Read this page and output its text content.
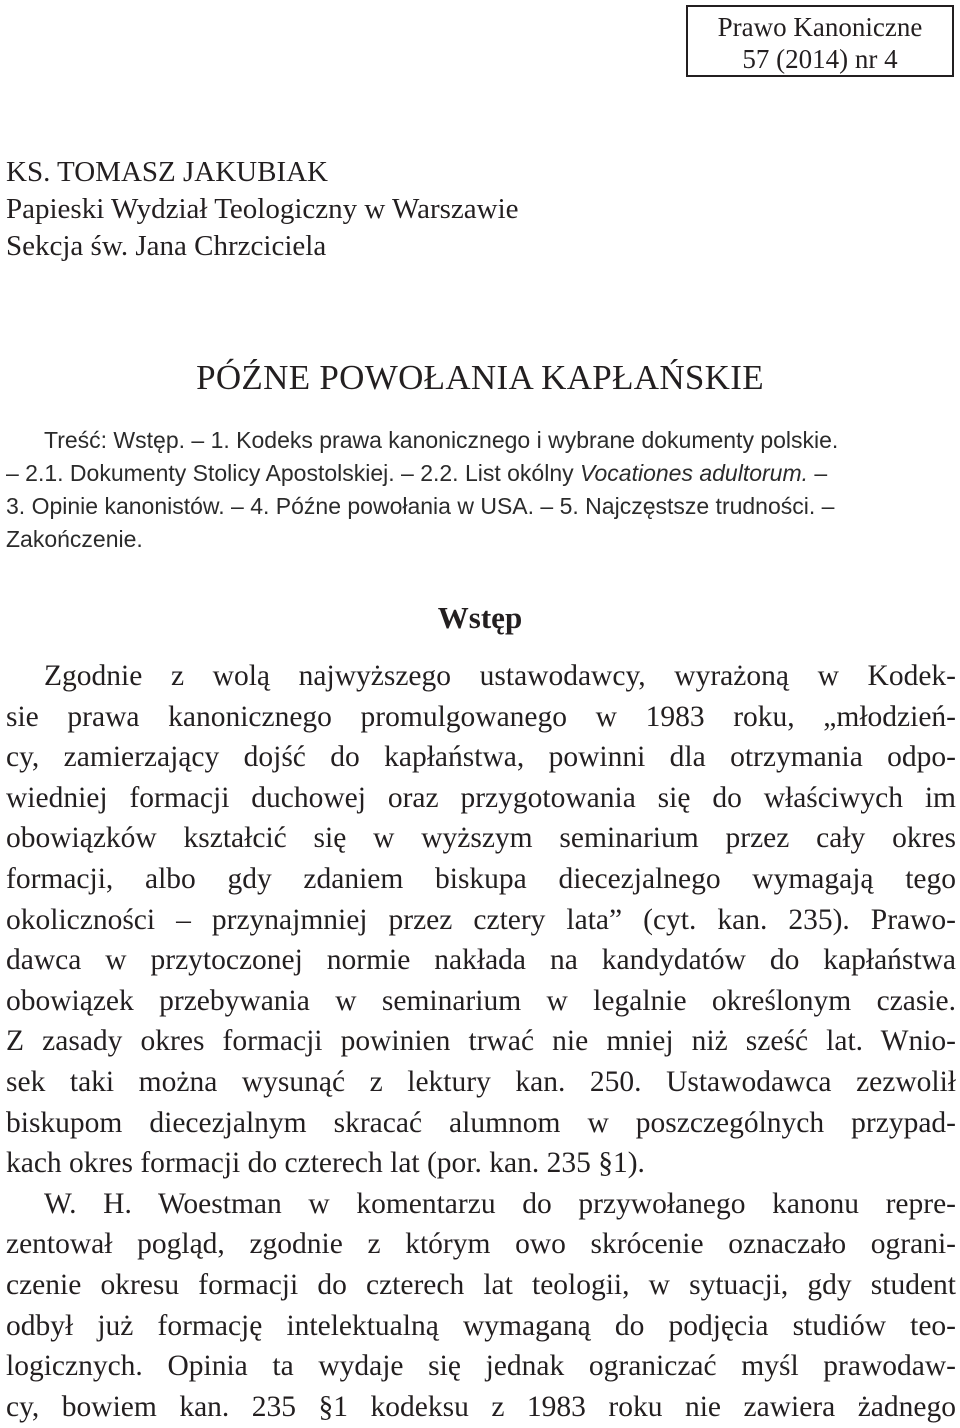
Prawo Kanoniczne
57 (2014) nr 4
KS. TOMASZ JAKUBIAK
Papieski Wydział Teologiczny w Warszawie
Sekcja św. Jana Chrzciciela
PÓŹNE POWOŁANIA KAPŁAŃSKIE
Treść: Wstęp. – 1. Kodeks prawa kanonicznego i wybrane dokumenty polskie.
– 2.1. Dokumenty Stolicy Apostolskiej. – 2.2. List okólny Vocationes adultorum. –
3. Opinie kanonistów. – 4. Późne powołania w USA. – 5. Najczęstsze trudności. –
Zakończenie.
Wstęp
Zgodnie z wolą najwyższego ustawodawcy, wyrażoną w Kodek-
sie prawa kanonicznego promulgowanego w 1983 roku, „młodzień-
cy, zamierzający dojść do kapłaństwa, powinni dla otrzymania odpo-
wiedniej formacji duchowej oraz przygotowania się do właściwych im
obowiązków kształcić się w wyższym seminarium przez cały okres
formacji, albo gdy zdaniem biskupa diecezjalnego wymagają tego
okoliczności – przynajmniej przez cztery lata” (cyt. kan. 235). Prawo-
dawca w przytoczonej normie nakłada na kandydatów do kapłaństwa
obowiązek przebywania w seminarium w legalnie określonym czasie.
Z zasady okres formacji powinien trwać nie mniej niż sześć lat. Wnio-
sek taki można wysunąć z lektury kan. 250. Ustawodawca zezwolił
biskupom diecezjalnym skracać alumnom w poszczególnych przypad-
kach okres formacji do czterech lat (por. kan. 235 §1).
W. H. Woestman w komentarzu do przywołanego kanonu repre-
zentował pogląd, zgodnie z którym owo skrócenie oznaczało ograni-
czenie okresu formacji do czterech lat teologii, w sytuacji, gdy student
odbył już formację intelektualną wymaganą do podjęcia studiów teo-
logicznych. Opinia ta wydaje się jednak ograniczać myśl prawodaw-
cy, bowiem kan. 235 §1 kodeksu z 1983 roku nie zawiera żadnego
